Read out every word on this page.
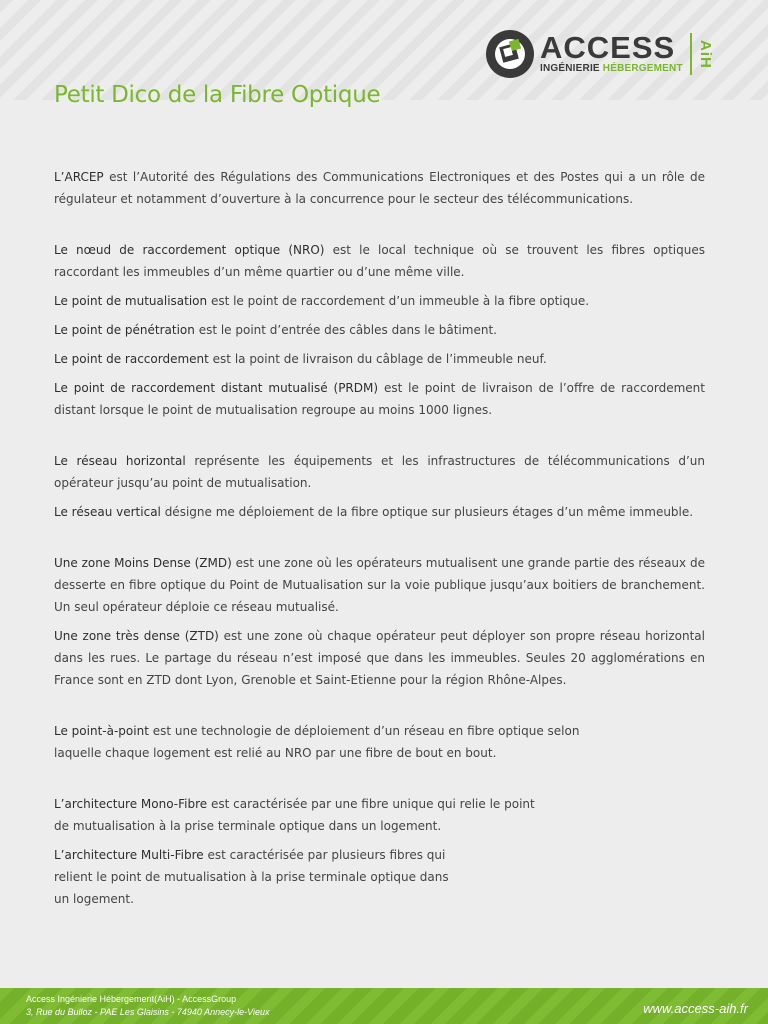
ACCESS
INGÉNIERIE HÉBERGEMENT
AiH
Petit Dico de la Fibre Optique

L’ARCEP est l’Autorité des Régulations des Communications Electroniques et des Postes qui a un rôle de régulateur et notamment d’ouverture à la concurrence pour le secteur des télécommunications.

Le nœud de raccordement optique (NRO) est le local technique où se trouvent les fibres optiques raccordant les immeubles d’un même quartier ou d’une même ville.

Le point de mutualisation est le point de raccordement d’un immeuble à la fibre optique.

Le point de pénétration est le point d’entrée des câbles dans le bâtiment.

Le point de raccordement est la point de livraison du câblage de l’immeuble neuf.

Le point de raccordement distant mutualisé (PRDM) est le point de livraison de l’offre de raccordement distant lorsque le point de mutualisation regroupe au moins 1000 lignes.

Le réseau horizontal représente les équipements et les infrastructures de télécommunications d’un opérateur jusqu’au point de mutualisation.

Le réseau vertical désigne me déploiement de la fibre optique sur plusieurs étages d’un même immeuble.

Une zone Moins Dense (ZMD) est une zone où les opérateurs mutualisent une grande partie des réseaux de desserte en fibre optique du Point de Mutualisation sur la voie publique jusqu’aux boitiers de branchement. Un seul opérateur déploie ce réseau mutualisé.

Une zone très dense (ZTD) est une zone où chaque opérateur peut déployer son propre réseau horizontal dans les rues. Le partage du réseau n’est imposé que dans les immeubles. Seules 20 agglomérations en France sont en ZTD dont Lyon, Grenoble et Saint-Etienne pour la région Rhône-Alpes.

Le point-à-point est une technologie de déploiement d’un réseau en fibre optique selon laquelle chaque logement est relié au NRO par une fibre de bout en bout.

L’architecture Mono-Fibre est caractérisée par une fibre unique qui relie le point de mutualisation à la prise terminale optique dans un logement.

L’architecture Multi-Fibre est caractérisée par plusieurs fibres qui relient le point de mutualisation à la prise terminale optique dans un logement.

Access Ingénierie Hébergement(AiH) - AccessGroup
3, Rue du Bulloz - PAE Les Glaisins - 74940 Annecy-le-Vieux	www.access-aih.fr
